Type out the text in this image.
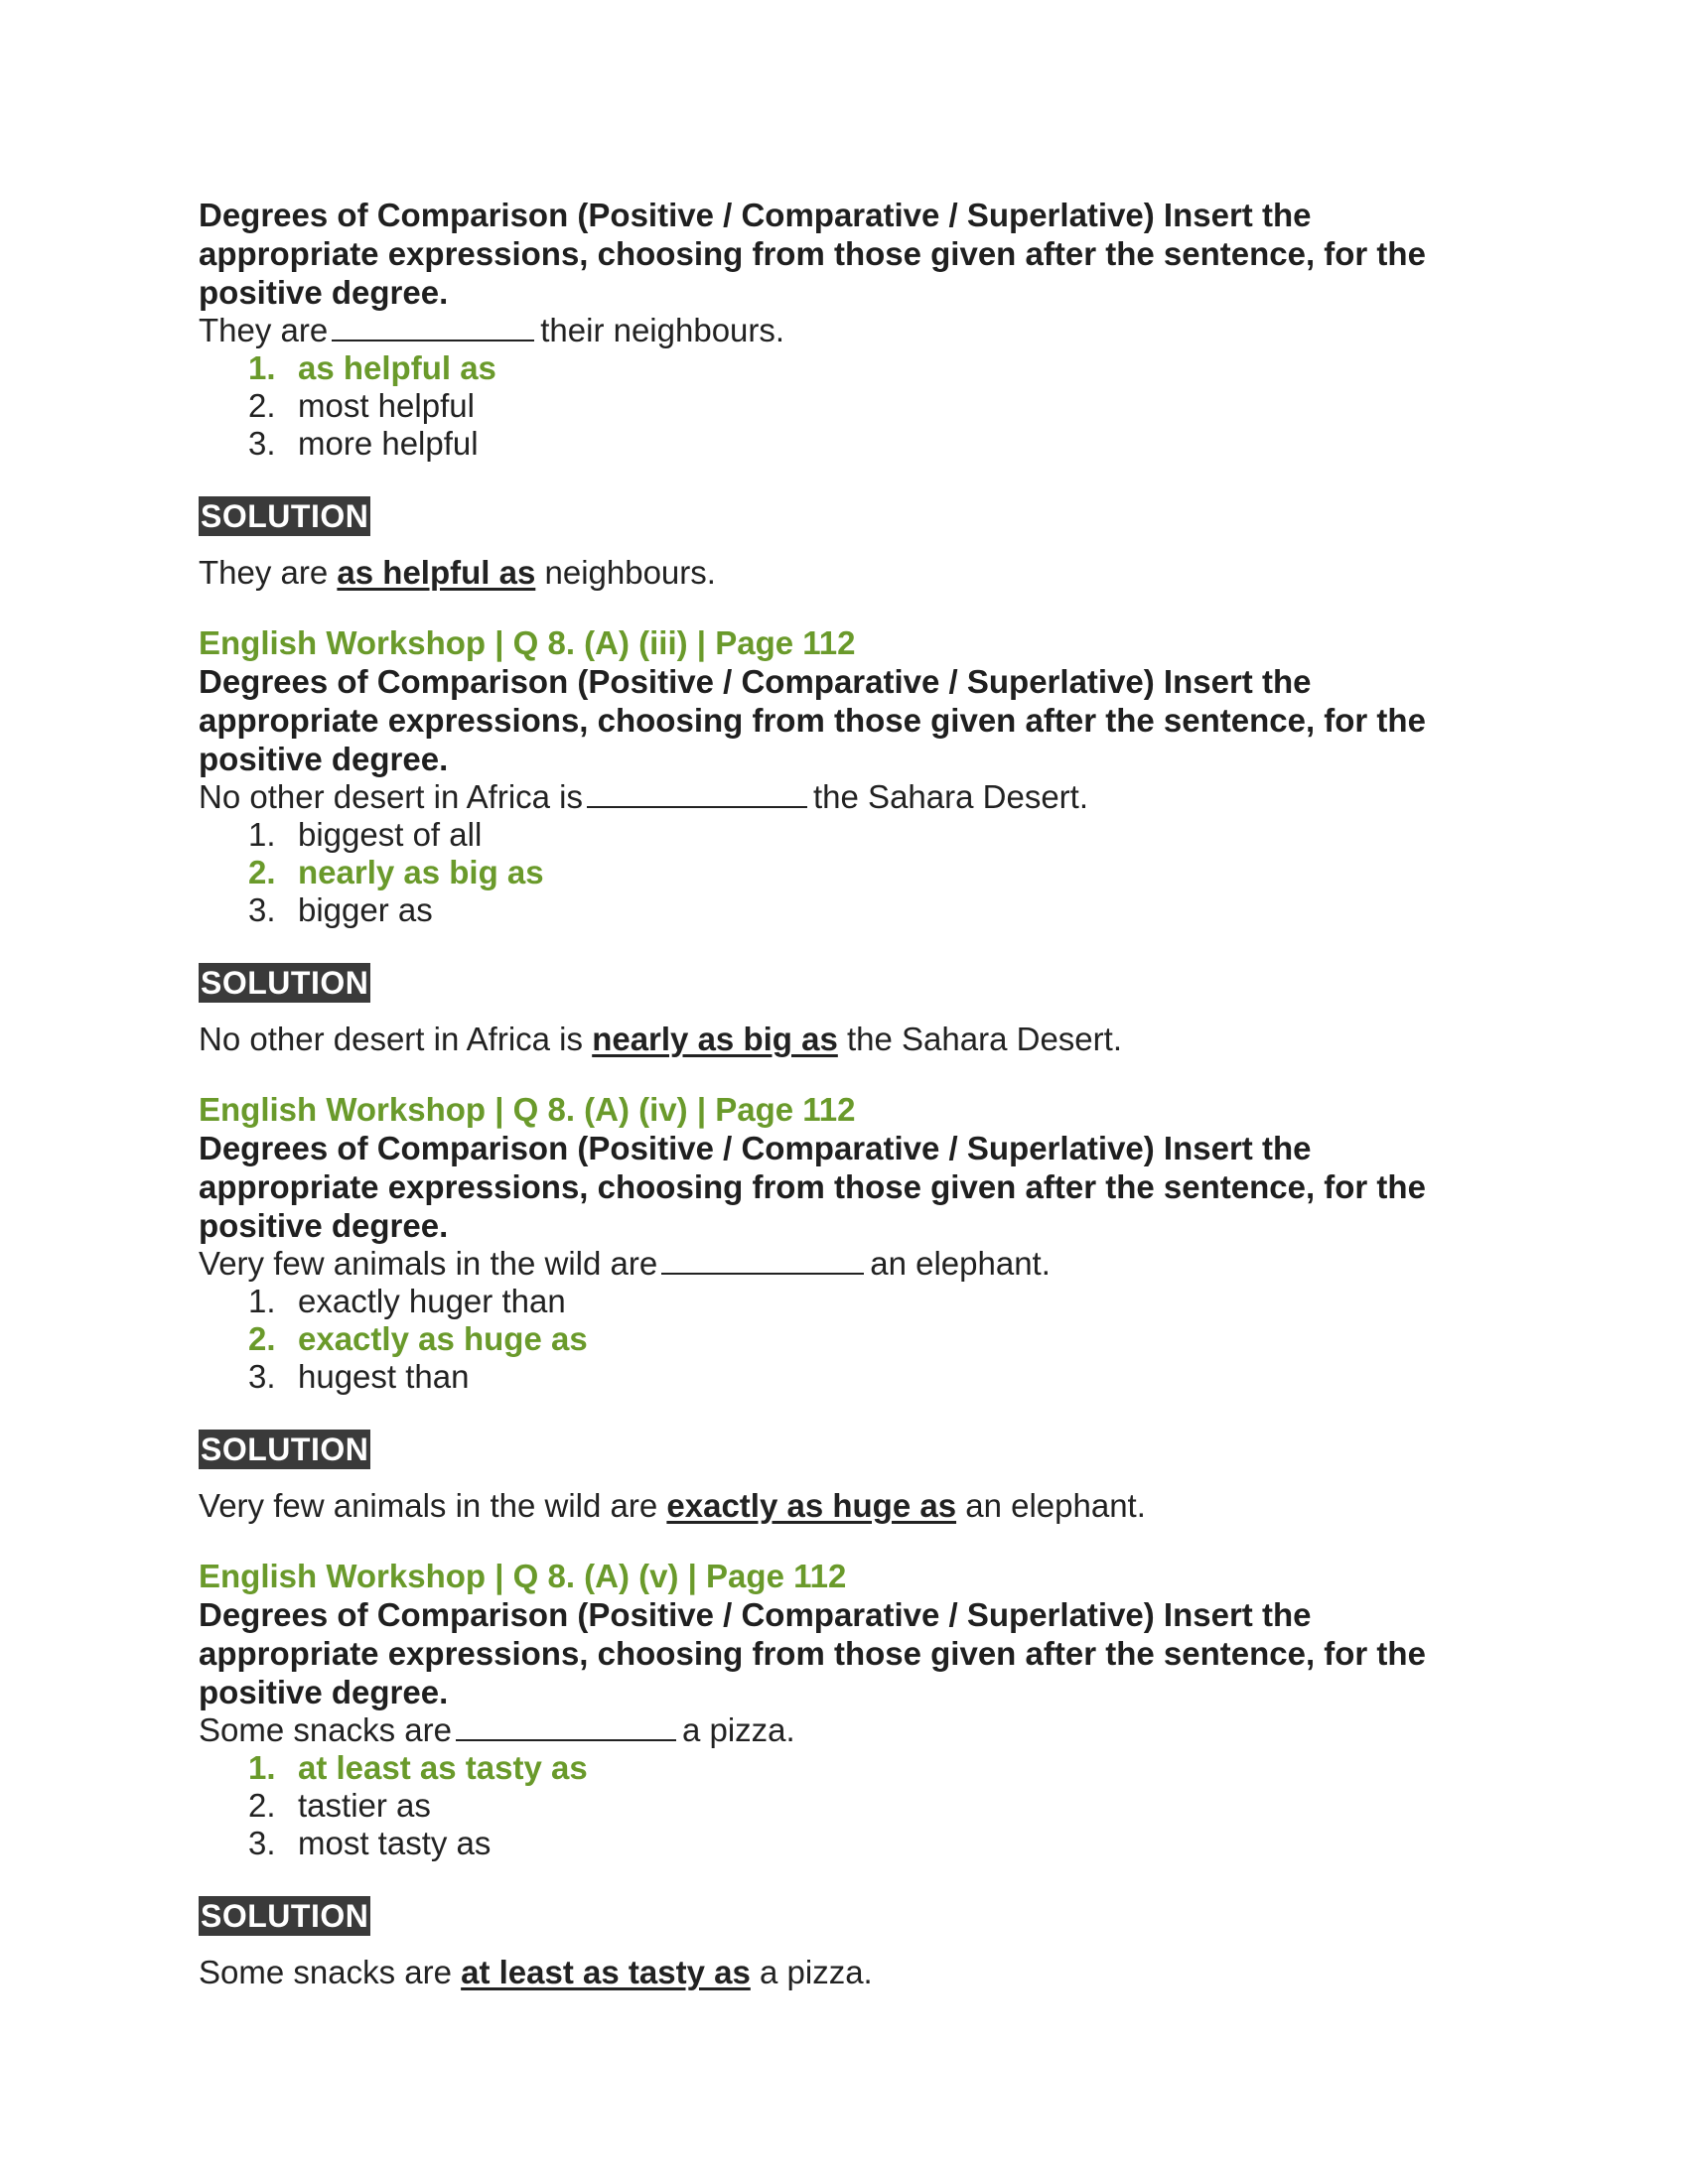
Degrees of Comparison (Positive / Comparative / Superlative) Insert the appropriate expressions, choosing from those given after the sentence, for the positive degree.

They are	their neighbours.

1. as helpful as
2. most helpful
3. more helpful
SOLUTION

They are as helpful as neighbours.

English Workshop | Q 8. (A) (iii) | Page 112

Degrees of Comparison (Positive / Comparative / Superlative) Insert the appropriate expressions, choosing from those given after the sentence, for the positive degree.

No other desert in Africa is	the Sahara Desert.

1. biggest of all
2. nearly as big as
3. bigger as
SOLUTION

No other desert in Africa is nearly as big as the Sahara Desert.

English Workshop | Q 8. (A) (iv) | Page 112

Degrees of Comparison (Positive / Comparative / Superlative) Insert the appropriate expressions, choosing from those given after the sentence, for the positive degree.

Very few animals in the wild are	an elephant.

1. exactly huger than
2. exactly as huge as
3. hugest than
SOLUTION

Very few animals in the wild are exactly as huge as an elephant.

English Workshop | Q 8. (A) (v) | Page 112

Degrees of Comparison (Positive / Comparative / Superlative) Insert the appropriate expressions, choosing from those given after the sentence, for the positive degree.

Some snacks are	a pizza.

1. at least as tasty as
2. tastier as
3. most tasty as
SOLUTION

Some snacks are at least as tasty as a pizza.
